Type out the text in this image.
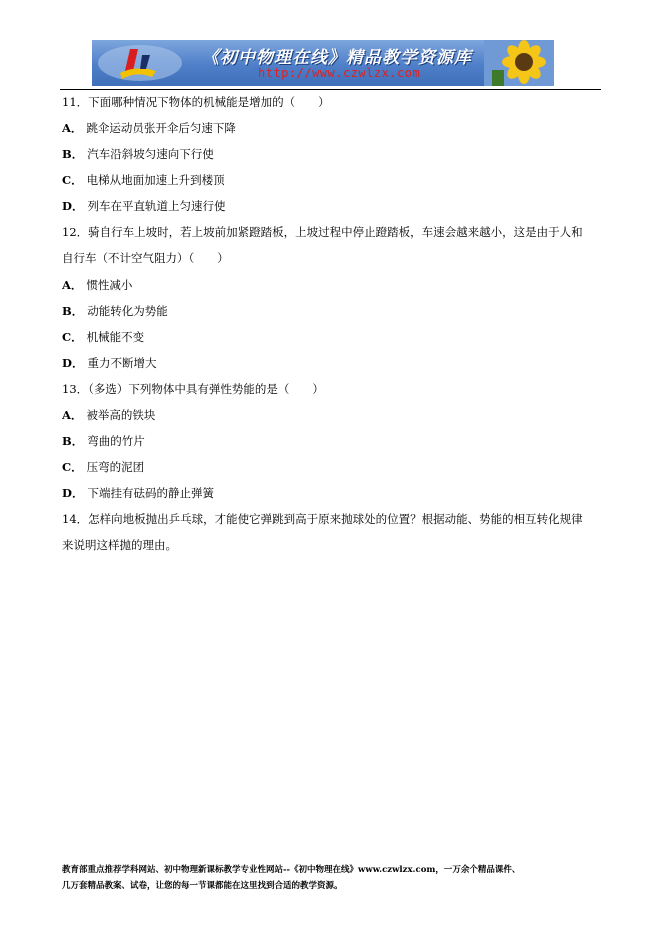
《初中物理在线》精品教学资源库
http://www.czwlzx.com
11．下面哪种情况下物体的机械能是增加的（　　）
A． 跳伞运动员张开伞后匀速下降
B． 汽车沿斜坡匀速向下行使
C． 电梯从地面加速上升到楼顶
D． 列车在平直轨道上匀速行使
12．骑自行车上坡时，若上坡前加紧蹬踏板，上坡过程中停止蹬踏板，车速会越来越小，这是由于人和自行车（不计空气阻力）（　　）
A． 惯性减小
B． 动能转化为势能
C． 机械能不变
D． 重力不断增大
13．（多选）下列物体中具有弹性势能的是（　　）
A． 被举高的铁块
B． 弯曲的竹片
C． 压弯的泥团
D． 下端挂有砝码的静止弹簧
14．怎样向地板抛出乒乓球，才能使它弹跳到高于原来抛球处的位置？根据动能、势能的相互转化规律来说明这样抛的理由。
教育部重点推荐学科网站、初中物理新课标教学专业性网站--《初中物理在线》www.czwlzx.com，一万余个精品课件、
几万套精品教案、试卷，让您的每一节课都能在这里找到合适的教学资源。
